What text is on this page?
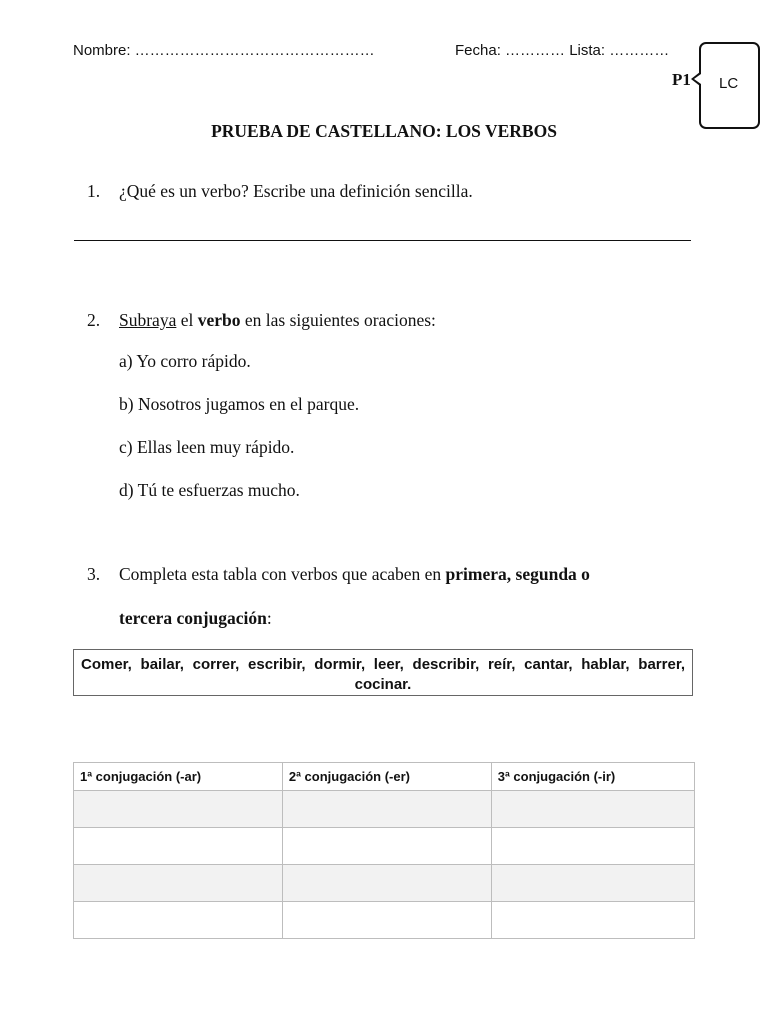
Nombre: …………………………………………	Fecha: ………… Lista: …………
P1 LC
PRUEBA DE CASTELLANO: LOS VERBOS
1. ¿Qué es un verbo? Escribe una definición sencilla.
2. Subraya el verbo en las siguientes oraciones:
a) Yo corro rápido.
b) Nosotros jugamos en el parque.
c) Ellas leen muy rápido.
d) Tú te esfuerzas mucho.
3. Completa esta tabla con verbos que acaben en primera, segunda o
tercera conjugación:
Comer, bailar, correr, escribir, dormir, leer, describir, reír, cantar, hablar, barrer, cocinar.
1ª conjugación (-ar)	2ª conjugación (-er)	3ª conjugación (-ir)
